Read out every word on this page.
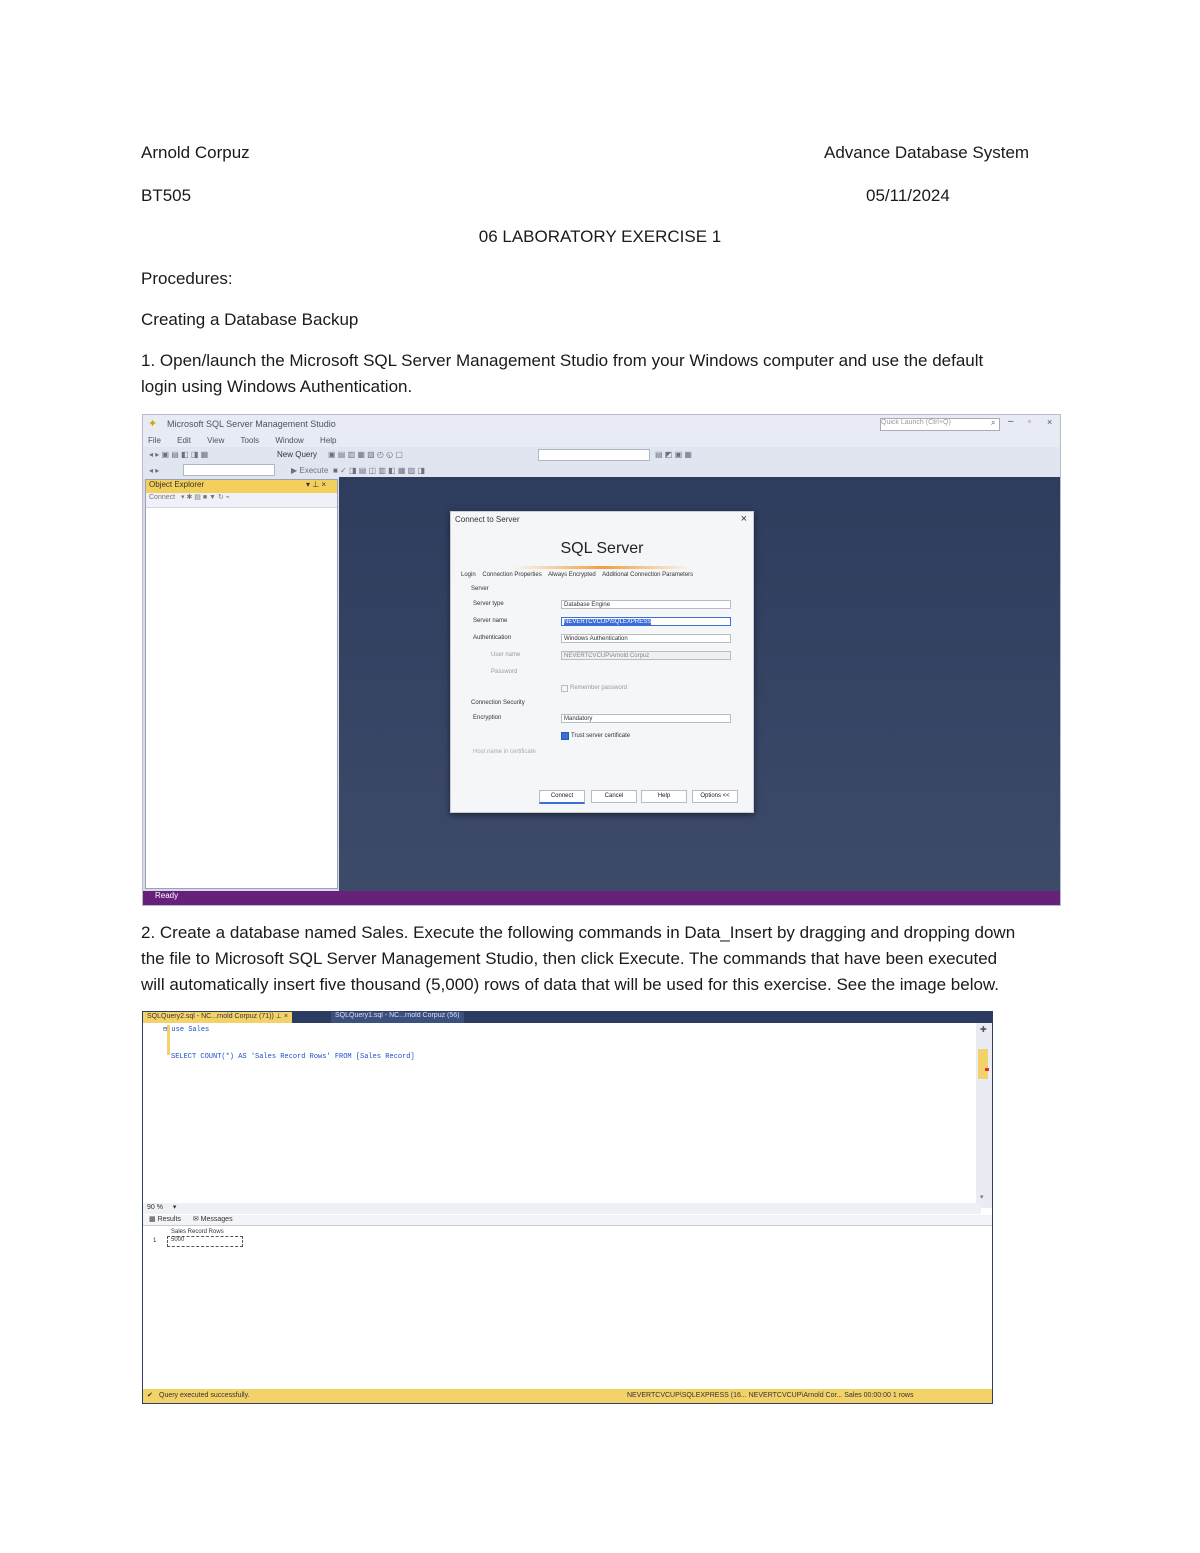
Arnold Corpuz	Advance Database System
BT505	05/11/2024
06 LABORATORY EXERCISE 1
Procedures:
Creating a Database Backup
1. Open/launch the Microsoft SQL Server Management Studio from your Windows computer and use the default
login using Windows Authentication.
✦ Microsoft SQL Server Management Studio	Quick Launch (Ctrl+Q)	⌕ – ▫ ×
File Edit View Tools Window Help
◂ ▸ ▣ ▤ ◧ ◨ ▦	New Query ▣ ▤ ▥ ▦ ▧ ◴ ◵ ▢	▤ ◩ ▣ ▦
◂ ▸	▶ Execute ■ ✓ ◨ ▤ ◫ ▥ ◧ ▦ ▧ ◨
Object Explorer	▾ ⊥ ×
Connect ▾ ✱ ▤ ■ ▼ ↻ ⌁
Connect to Server	×
SQL Server
Login Connection Properties Always Encrypted Additional Connection Parameters
Server
Server type	Database Engine
Server name	NEVERTCVCUP\SQLEXPRESS
Authentication	Windows Authentication
User name	NEVERTCVCUP\Arnold Corpuz
Password
Remember password
Connection Security
Encryption	Mandatory
Trust server certificate
Host name in certificate
Connect	Cancel	Help	Options <<
Ready
2. Create a database named Sales. Execute the following commands in Data_Insert by dragging and dropping down
the file to Microsoft SQL Server Management Studio, then click Execute. The commands that have been executed
will automatically insert five thousand (5,000) rows of data that will be used for this exercise. See the image below.
SQLQuery2.sql - NC...rnold Corpuz (71)) ⊥ ×	SQLQuery1.sql - NC...rnold Corpuz (56)
⊟ use Sales
SELECT COUNT(*) AS 'Sales Record Rows' FROM [Sales Record]
✚
▾
90 % ▾
▦ Results ✉ Messages
Sales Record Rows
1	5000
✔ Query executed successfully.	NEVERTCVCUP\SQLEXPRESS (16... NEVERTCVCUP\Arnold Cor... Sales 00:00:00 1 rows
